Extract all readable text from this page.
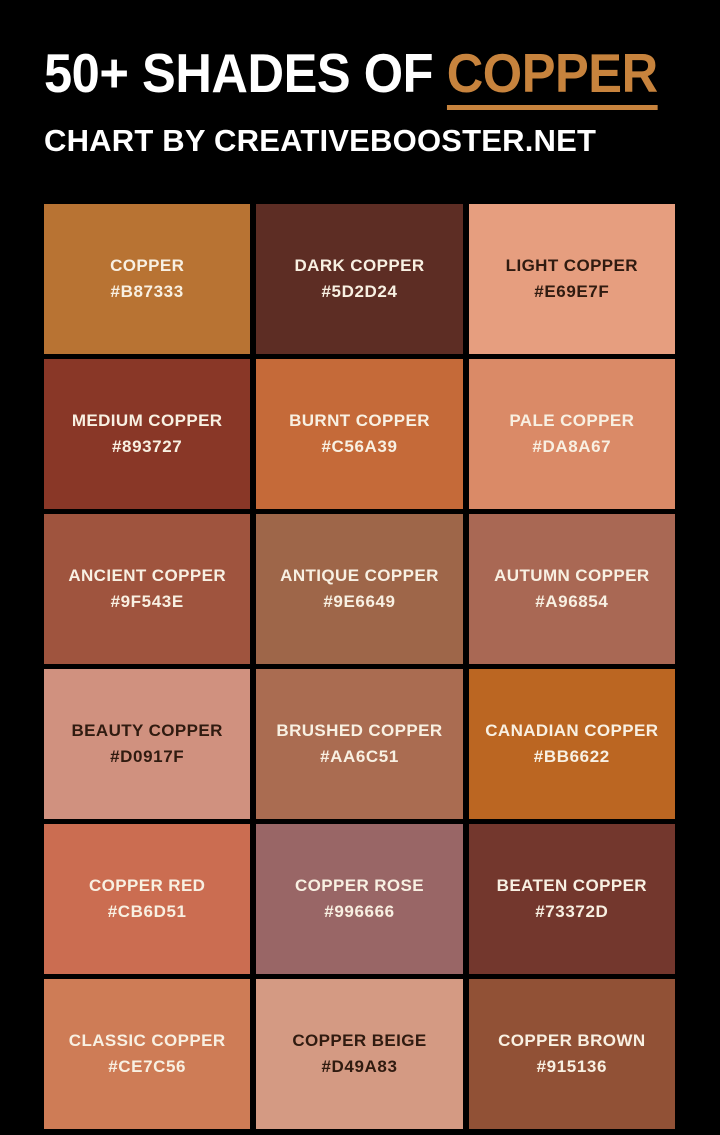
50+ SHADES OF COPPER
CHART BY CREATIVEBOOSTER.NET
COPPER
#B87333
DARK COPPER
#5D2D24
LIGHT COPPER
#E69E7F
MEDIUM COPPER
#893727
BURNT COPPER
#C56A39
PALE COPPER
#DA8A67
ANCIENT COPPER
#9F543E
ANTIQUE COPPER
#9E6649
AUTUMN COPPER
#A96854
BEAUTY COPPER
#D0917F
BRUSHED COPPER
#AA6C51
CANADIAN COPPER
#BB6622
COPPER RED
#CB6D51
COPPER ROSE
#996666
BEATEN COPPER
#73372D
CLASSIC COPPER
#CE7C56
COPPER BEIGE
#D49A83
COPPER BROWN
#915136
